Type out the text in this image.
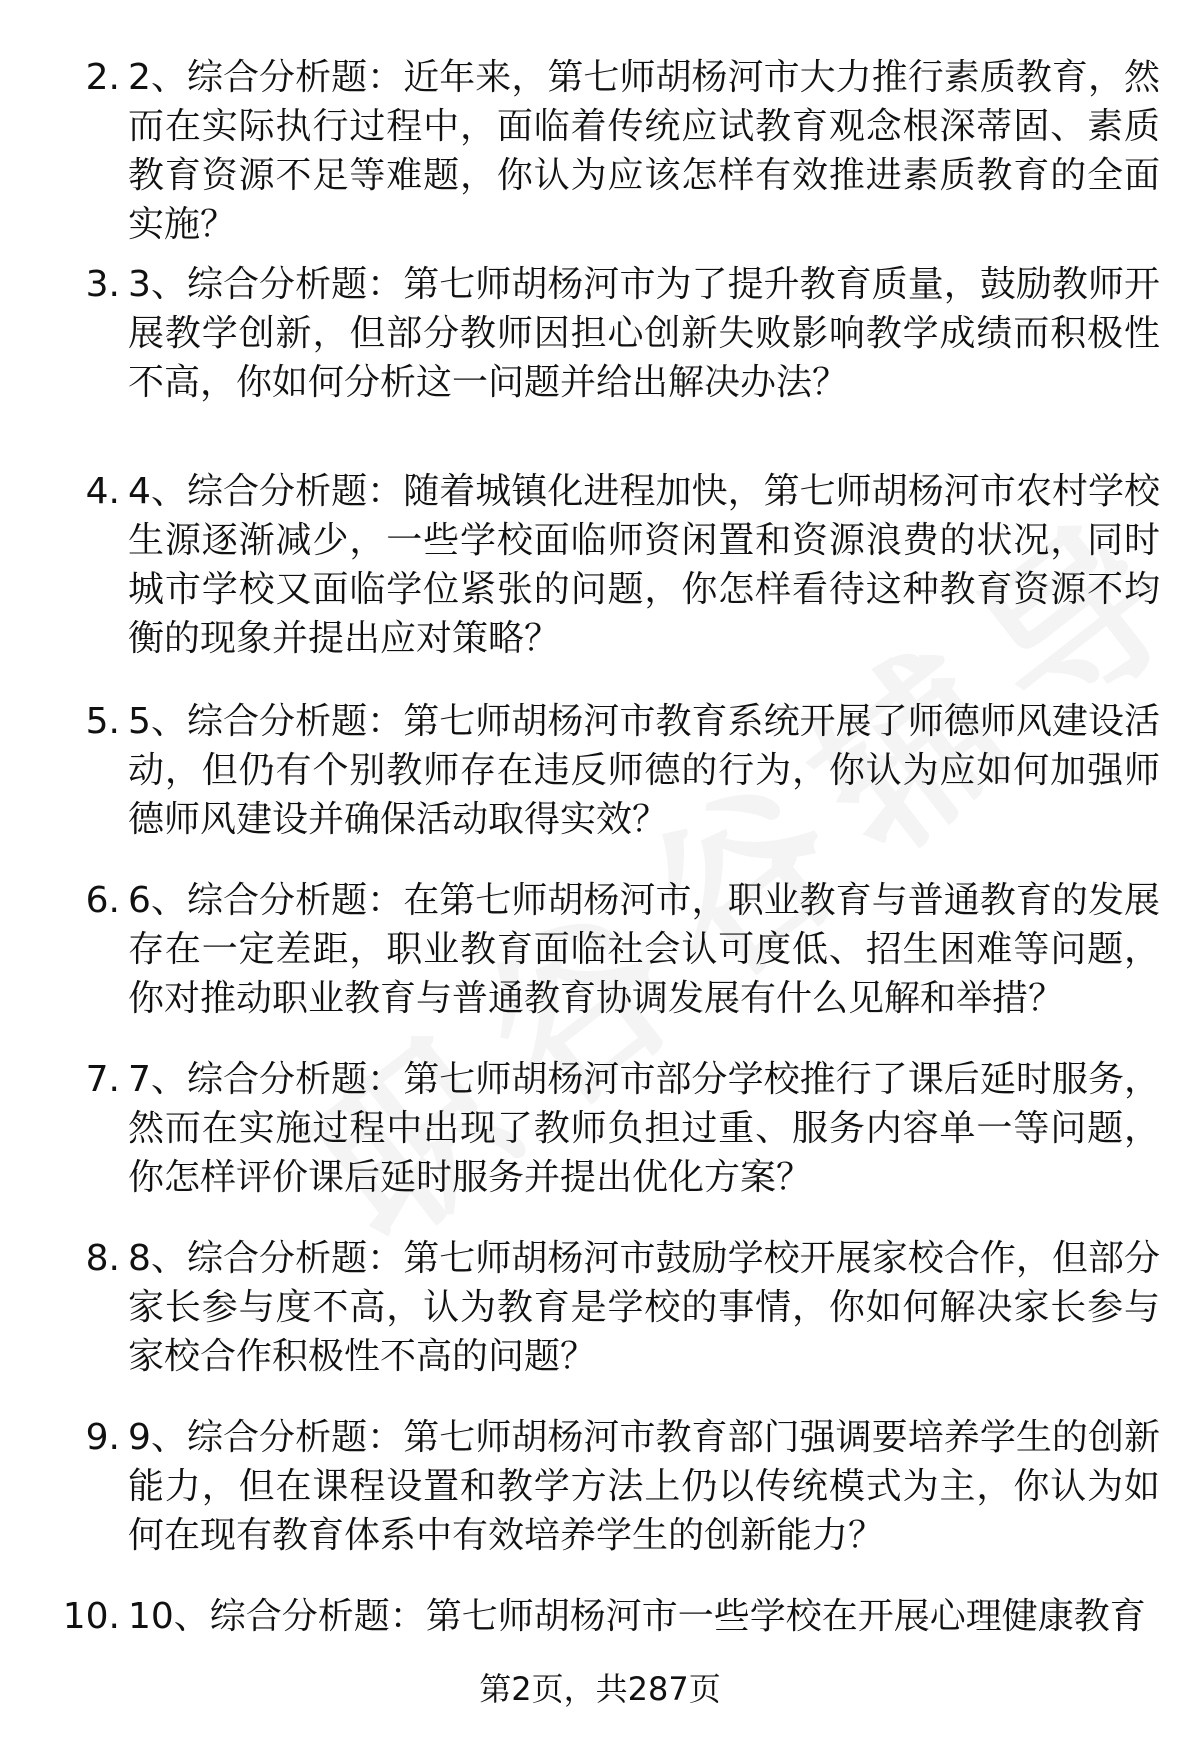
2. 2、综合分析题：近年来，第七师胡杨河市大力推行素质教育，然而在实际执行过程中，面临着传统应试教育观念根深蒂固、素质教育资源不足等难题，你认为应该怎样有效推进素质教育的全面实施？
3. 3、综合分析题：第七师胡杨河市为了提升教育质量，鼓励教师开展教学创新，但部分教师因担心创新失败影响教学成绩而积极性不高，你如何分析这一问题并给出解决办法？
4. 4、综合分析题：随着城镇化进程加快，第七师胡杨河市农村学校生源逐渐减少，一些学校面临师资闲置和资源浪费的状况，同时城市学校又面临学位紧张的问题，你怎样看待这种教育资源不均衡的现象并提出应对策略？
5. 5、综合分析题：第七师胡杨河市教育系统开展了师德师风建设活动，但仍有个别教师存在违反师德的行为，你认为应如何加强师德师风建设并确保活动取得实效？
6. 6、综合分析题：在第七师胡杨河市，职业教育与普通教育的发展存在一定差距，职业教育面临社会认可度低、招生困难等问题，你对推动职业教育与普通教育协调发展有什么见解和举措？
7. 7、综合分析题：第七师胡杨河市部分学校推行了课后延时服务，然而在实施过程中出现了教师负担过重、服务内容单一等问题，你怎样评价课后延时服务并提出优化方案？
8. 8、综合分析题：第七师胡杨河市鼓励学校开展家校合作，但部分家长参与度不高，认为教育是学校的事情，你如何解决家长参与家校合作积极性不高的问题？
9. 9、综合分析题：第七师胡杨河市教育部门强调要培养学生的创新能力，但在课程设置和教学方法上仍以传统模式为主，你认为如何在现有教育体系中有效培养学生的创新能力？
10. 10、综合分析题：第七师胡杨河市一些学校在开展心理健康教育
第2页，共287页
